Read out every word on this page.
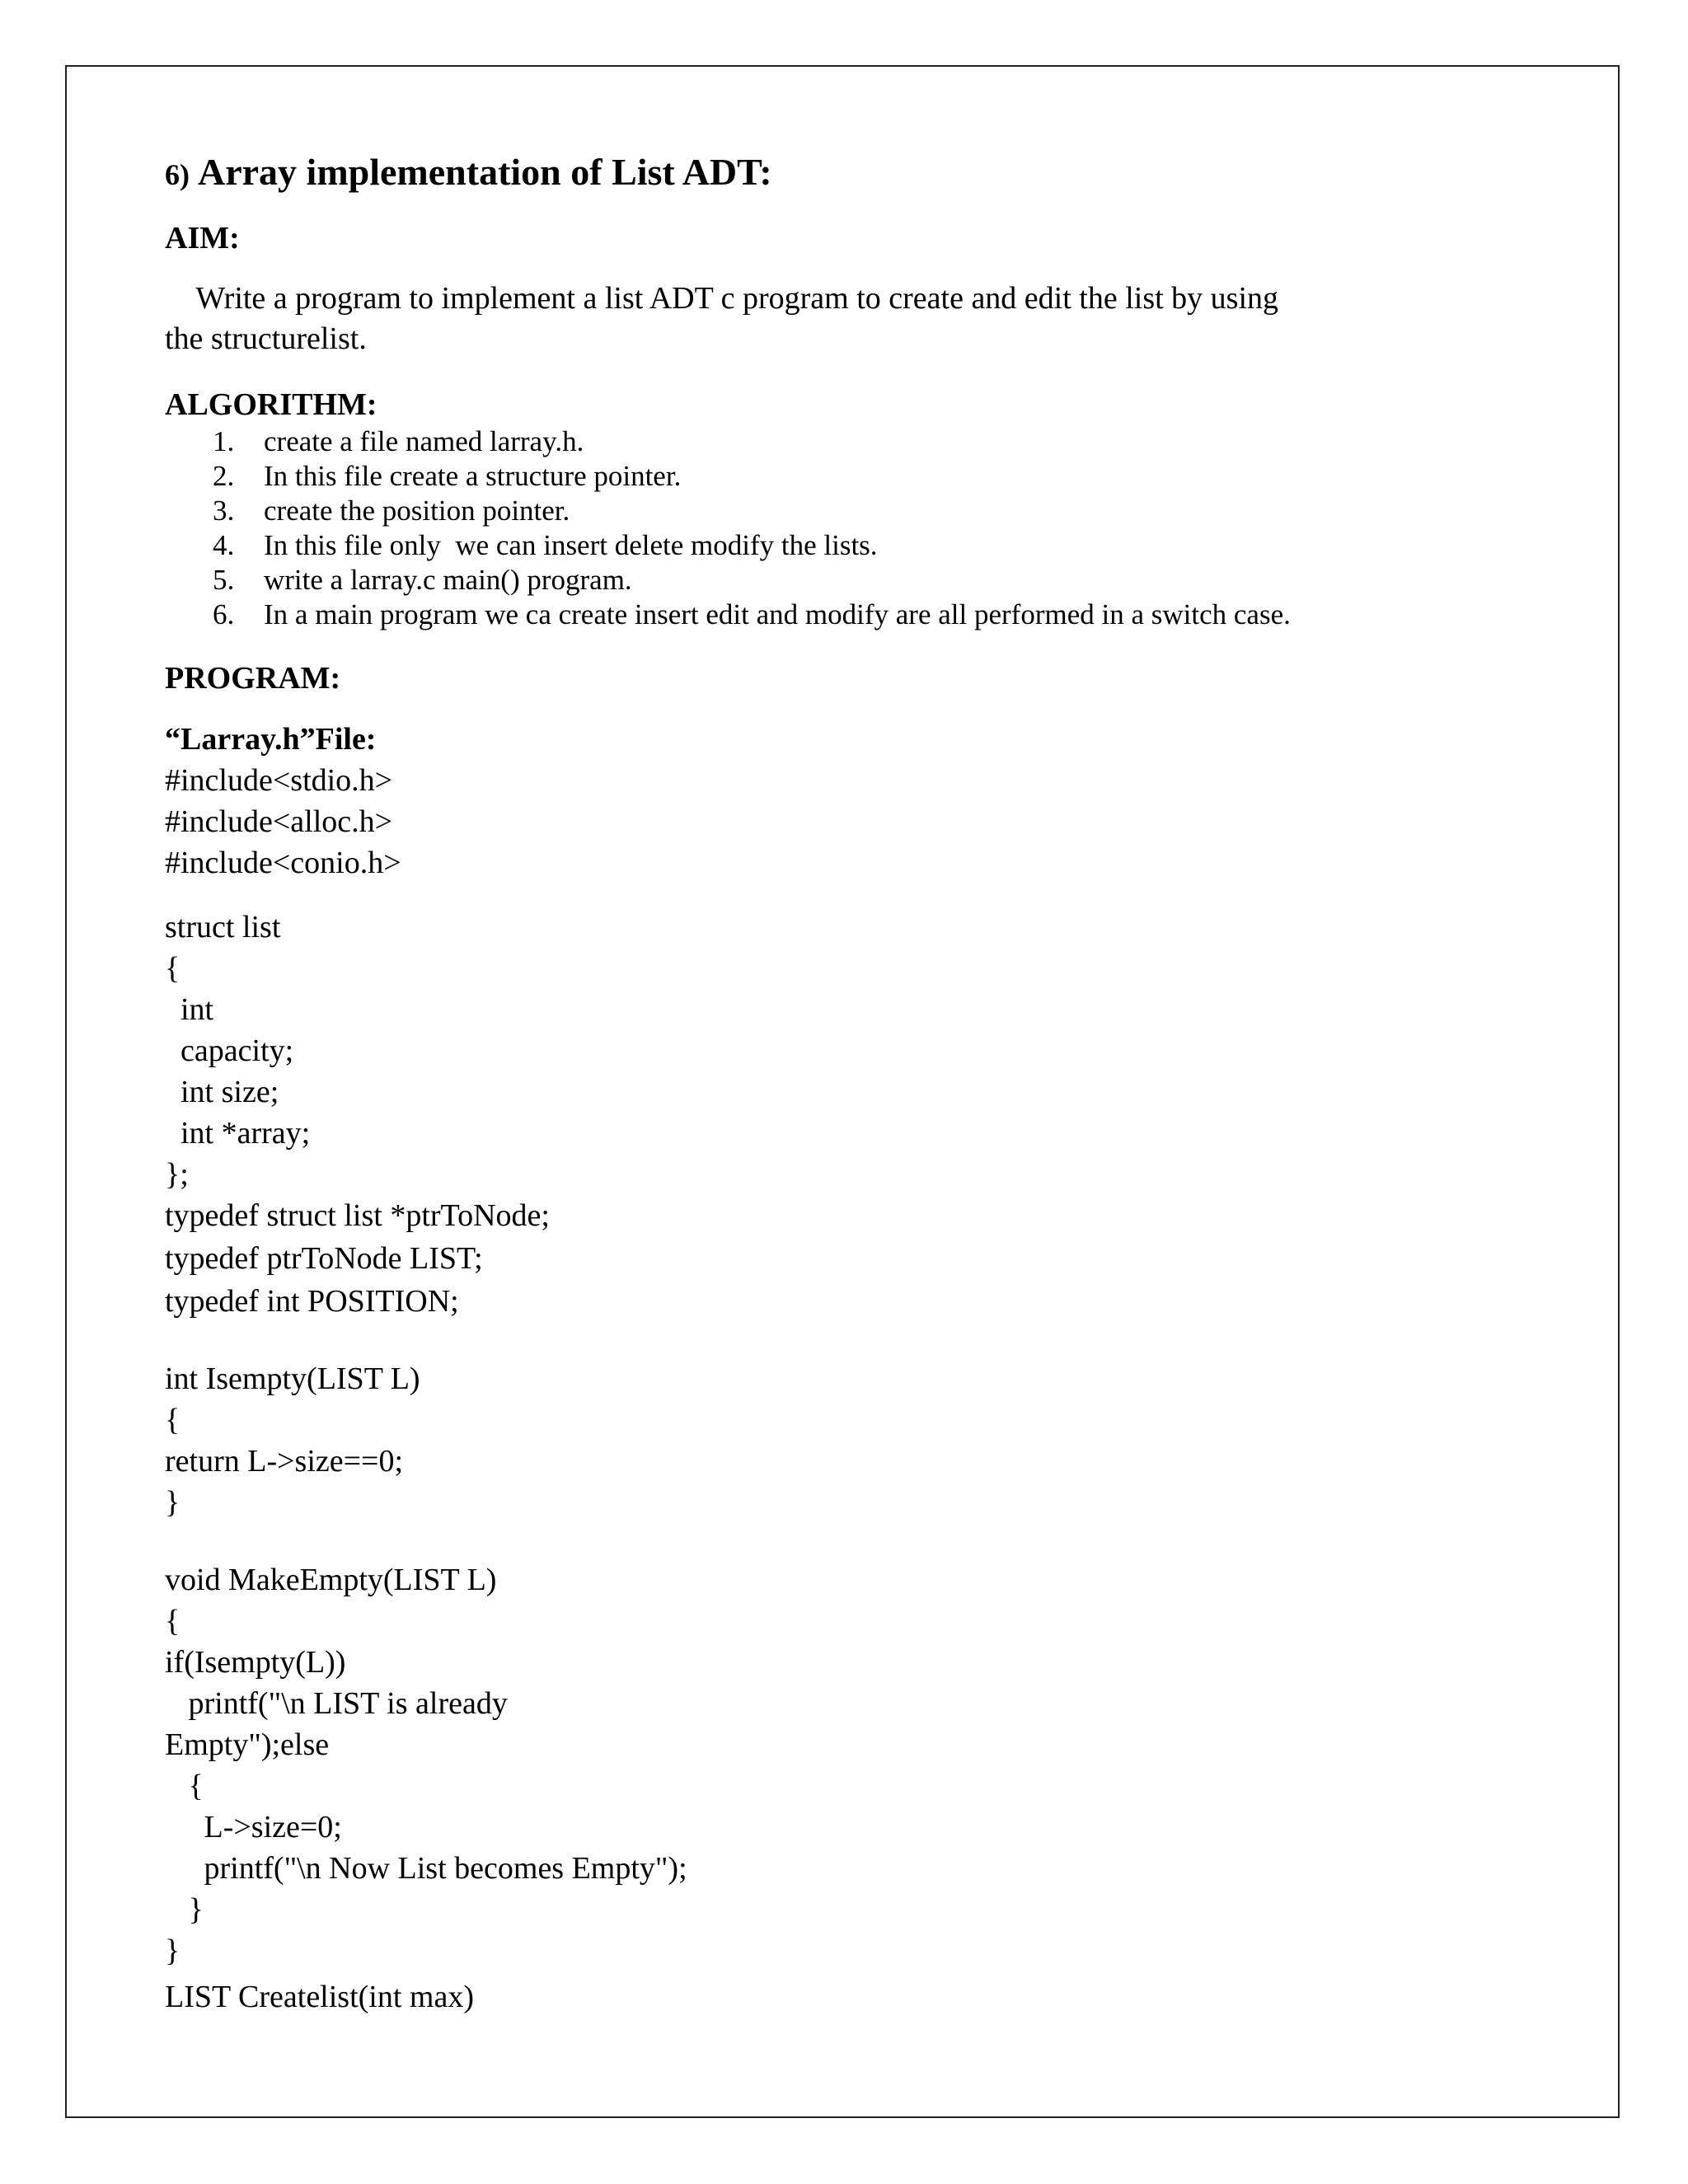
6) Array implementation of List ADT:
AIM:
Write a program to implement a list ADT c program to create and edit the list by using
the structurelist.
ALGORITHM:
1. create a file named larray.h.
2. In this file create a structure pointer.
3. create the position pointer.
4. In this file only  we can insert delete modify the lists.
5. write a larray.c main() program.
6. In a main program we ca create insert edit and modify are all performed in a switch case.
PROGRAM:
“Larray.h”File:
#include<stdio.h>
#include<alloc.h>
#include<conio.h>
struct list
{
int
capacity;
int size;
int *array;
};
typedef struct list *ptrToNode;
typedef ptrToNode LIST;
typedef int POSITION;
int Isempty(LIST L)
{
return L->size==0;
}
void MakeEmpty(LIST L)
{
if(Isempty(L))
printf("\n LIST is already
Empty");else
{
L->size=0;
printf("\n Now List becomes Empty");
}
}
LIST Createlist(int max)
